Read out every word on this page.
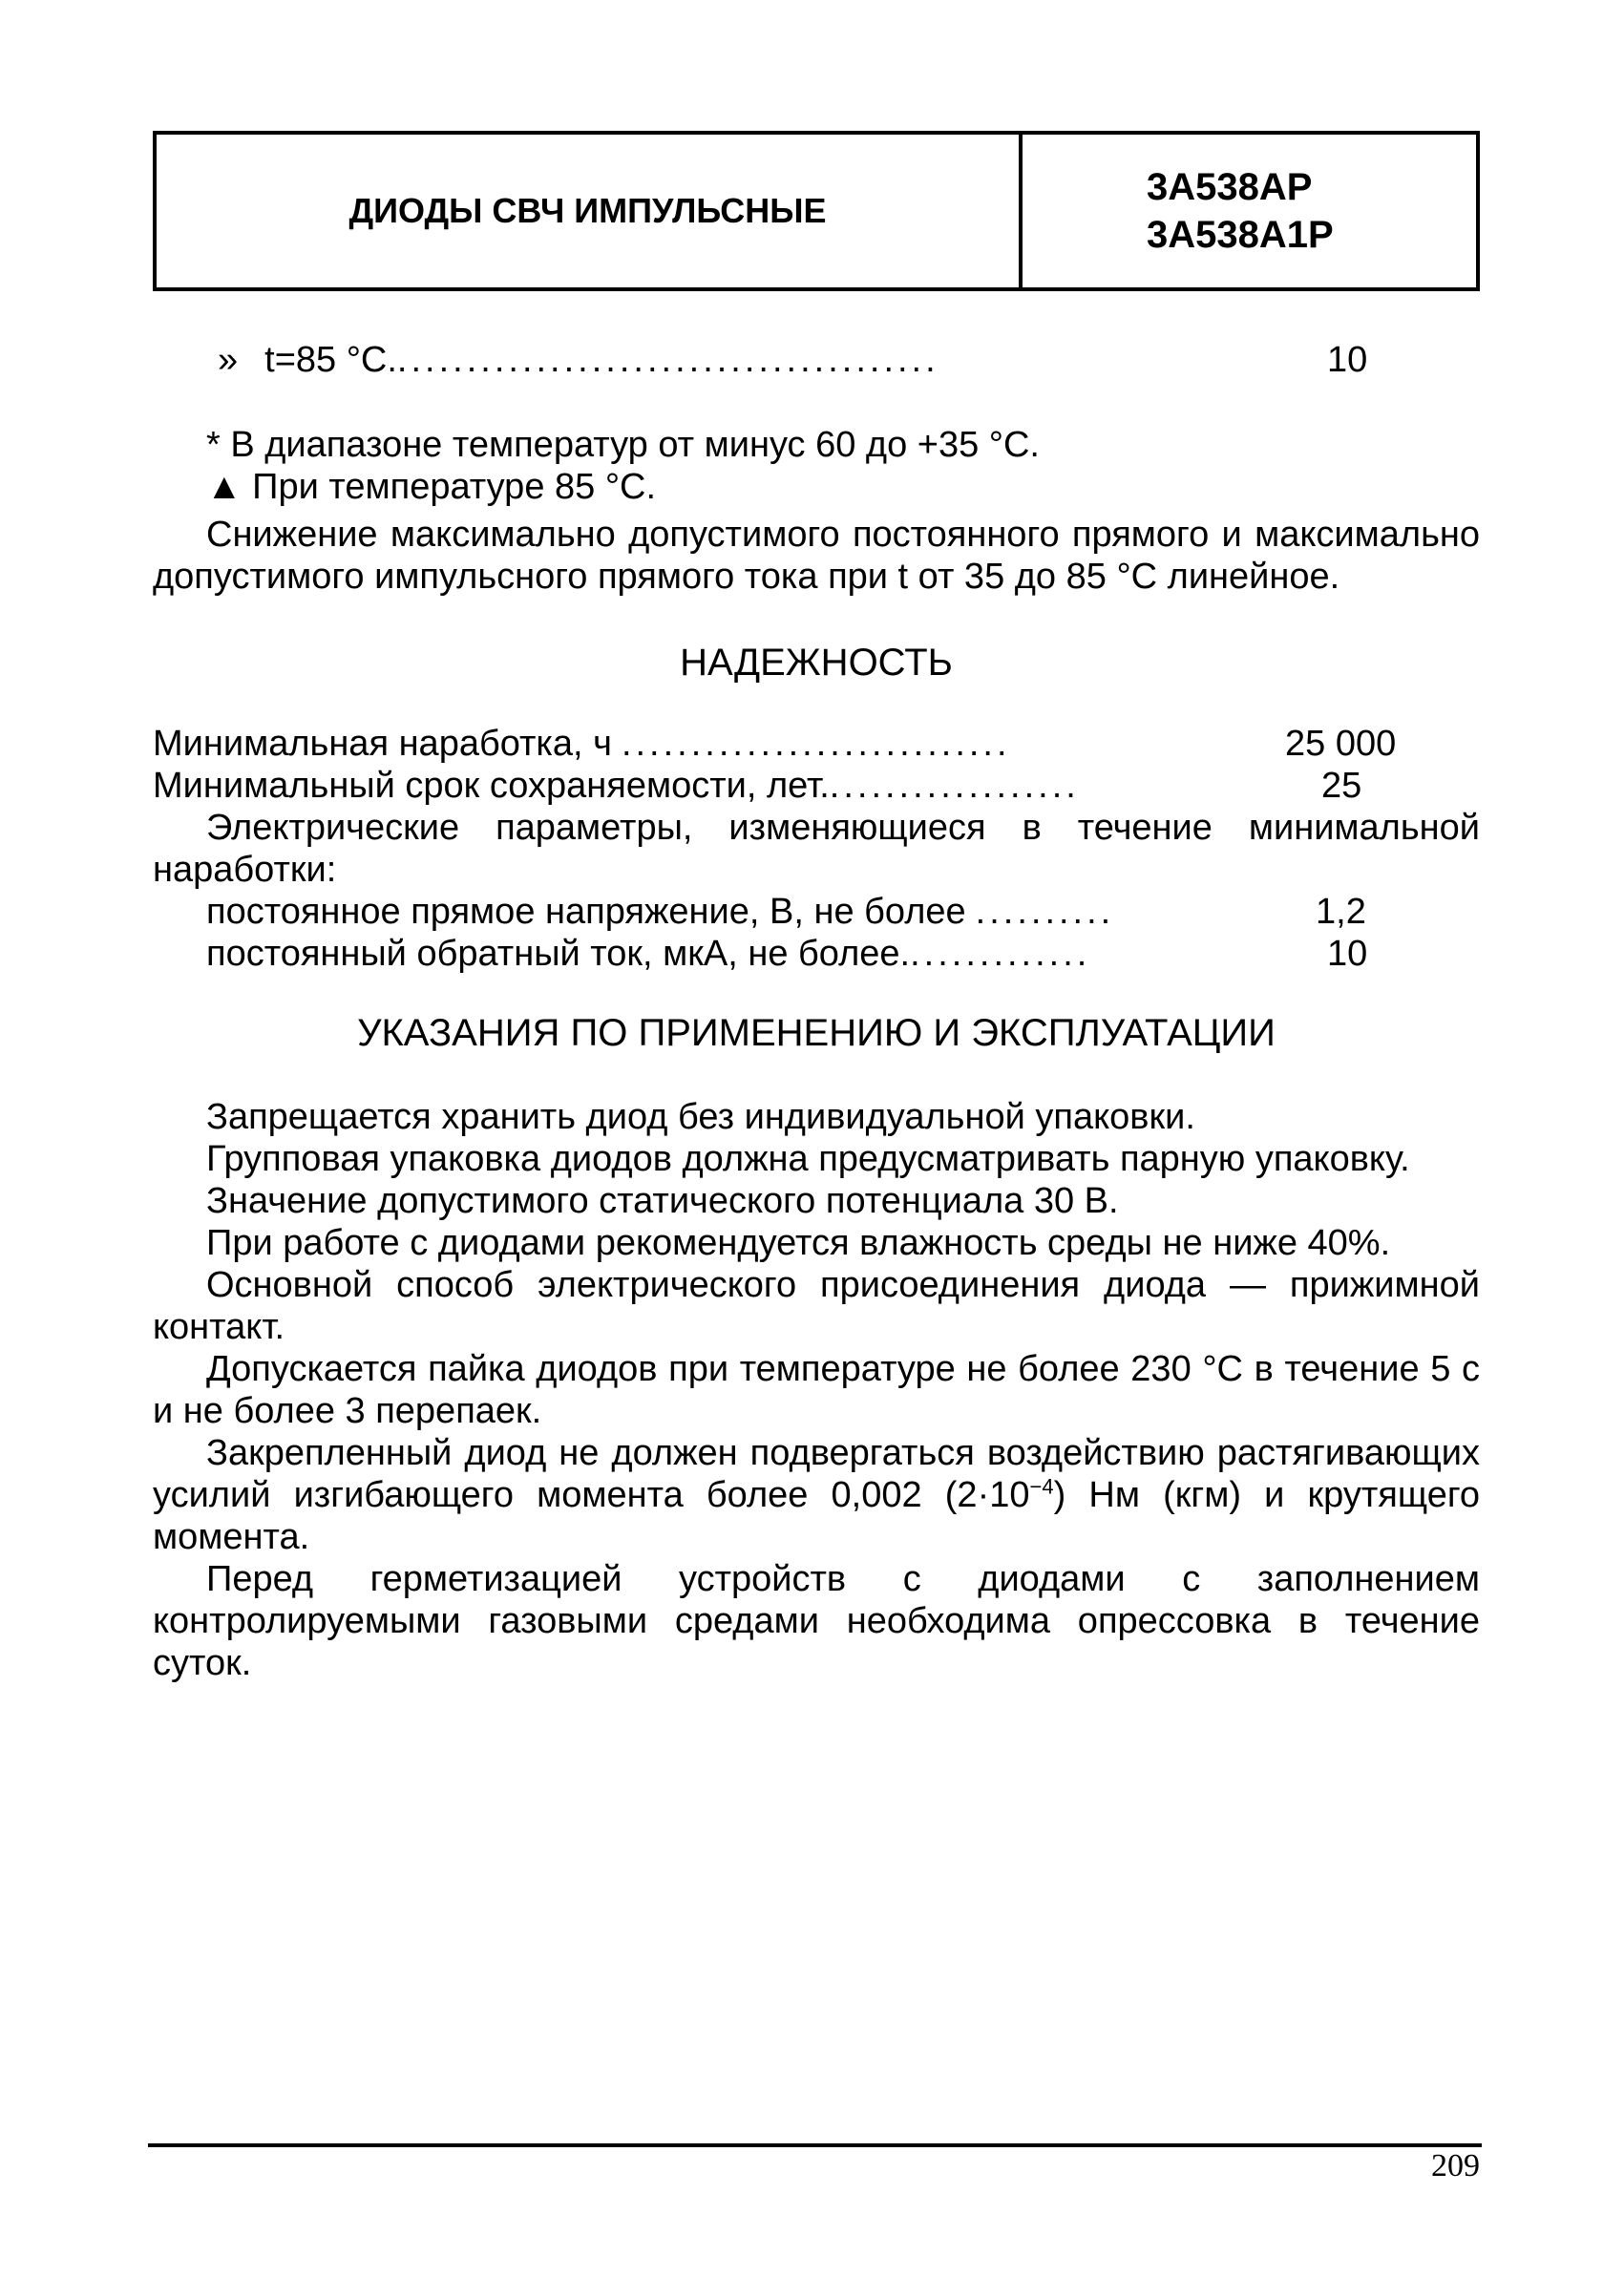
ДИОДЫ СВЧ ИМПУЛЬСНЫЕ
3А538АР
3А538А1Р
» t=85 °C. .......................................	10
* В диапазоне температур от минус 60 до +35 °С.
▲ При температуре 85 °С.
Снижение максимально допустимого постоянного прямого и максимально допустимого импульсного прямого тока при t от 35 до 85 °С линейное.
НАДЕЖНОСТЬ
Минимальная наработка, ч ............................	25 000
Минимальный срок сохраняемости, лет. ..................	25
Электрические параметры, изменяющиеся в течение минимальной наработки:
постоянное прямое напряжение, В, не более ..........	1,2
постоянный обратный ток, мкА, не более. .............	10
УКАЗАНИЯ ПО ПРИМЕНЕНИЮ И ЭКСПЛУАТАЦИИ
Запрещается хранить диод без индивидуальной упаковки.
Групповая упаковка диодов должна предусматривать парную упаковку.
Значение допустимого статического потенциала 30 В.
При работе с диодами рекомендуется влажность среды не ниже 40%.
Основной способ электрического присоединения диода — прижимной контакт.
Допускается пайка диодов при температуре не более 230 °С в течение 5 с и не более 3 перепаек.
Закрепленный диод не должен подвергаться воздействию растягивающих усилий изгибающего момента более 0,002 $(2\cdot 10^{-4})$ Нм (кгм) и крутящего момента.
Перед герметизацией устройств с диодами с заполнением контролируемыми газовыми средами необходима опрессовка в течение суток.
209
